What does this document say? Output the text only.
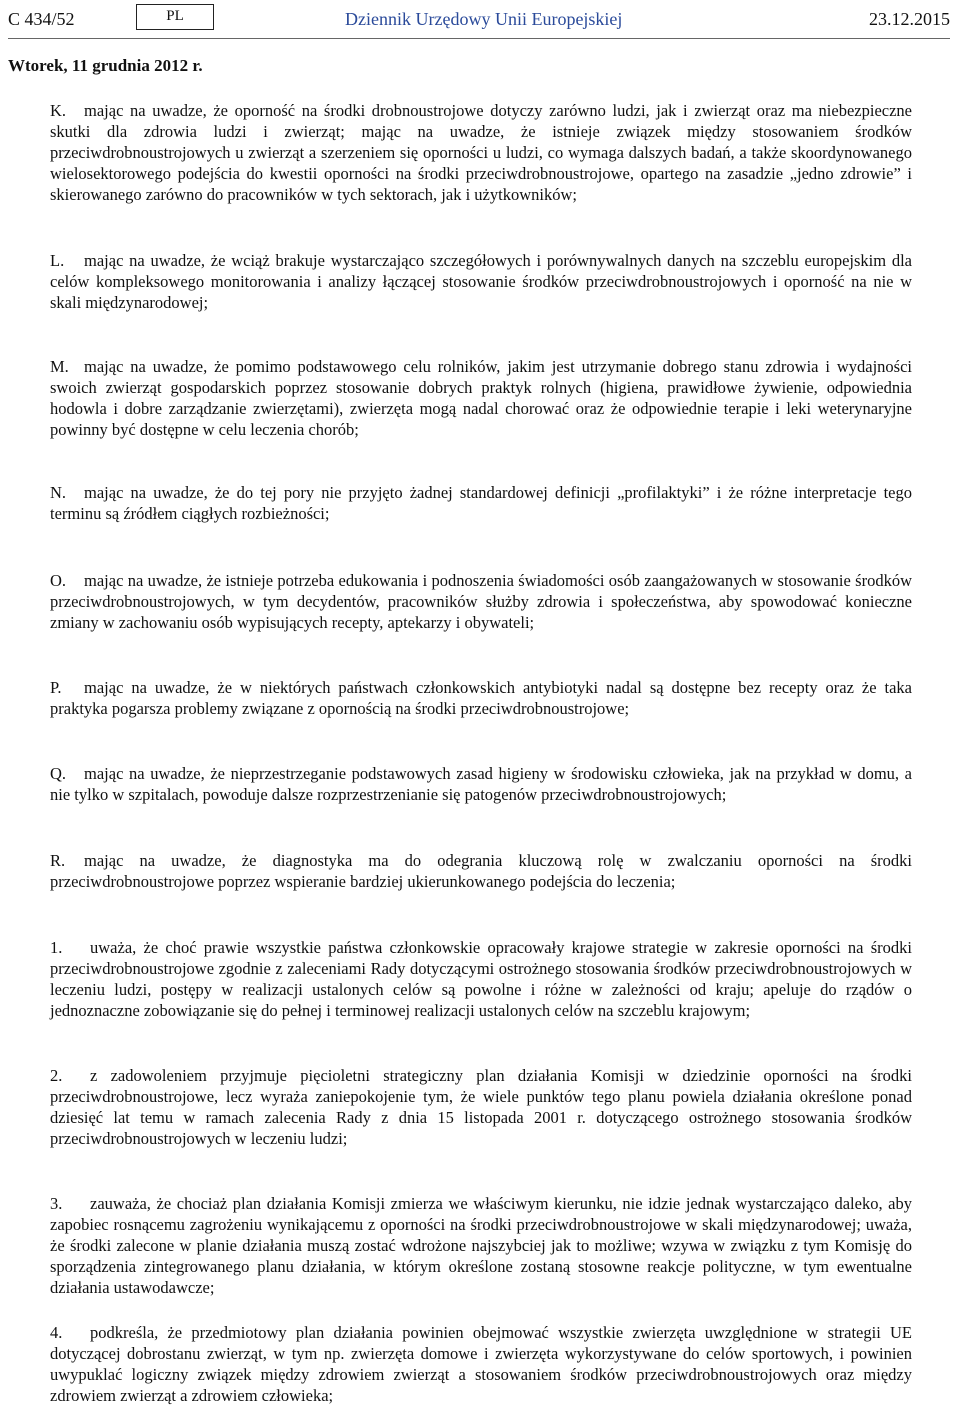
C 434/52	PL	Dziennik Urzędowy Unii Europejskiej	23.12.2015
Wtorek, 11 grudnia 2012 r.
K.	mając na uwadze, że oporność na środki drobnoustrojowe dotyczy zarówno ludzi, jak i zwierząt oraz ma niebezpieczne skutki dla zdrowia ludzi i zwierząt; mając na uwadze, że istnieje związek między stosowaniem środków przeciwdrobnoustrojowych u zwierząt a szerzeniem się oporności u ludzi, co wymaga dalszych badań, a także skoordynowanego wielosektorowego podejścia do kwestii oporności na środki przeciwdrobnoustrojowe, opartego na zasadzie „jedno zdrowie” i skierowanego zarówno do pracowników w tych sektorach, jak i użytkowników;

L.	mając na uwadze, że wciąż brakuje wystarczająco szczegółowych i porównywalnych danych na szczeblu europejskim dla celów kompleksowego monitorowania i analizy łączącej stosowanie środków przeciwdrobnoustrojowych i oporność na nie w skali międzynarodowej;

M. mając na uwadze, że pomimo podstawowego celu rolników, jakim jest utrzymanie dobrego stanu zdrowia i wydajności swoich zwierząt gospodarskich poprzez stosowanie dobrych praktyk rolnych (higiena, prawidłowe żywienie, odpowiednia hodowla i dobre zarządzanie zwierzętami), zwierzęta mogą nadal chorować oraz że odpowiednie terapie i leki weterynaryjne powinny być dostępne w celu leczenia chorób;

N.	mając na uwadze, że do tej pory nie przyjęto żadnej standardowej definicji „profilaktyki” i że różne interpretacje tego terminu są źródłem ciągłych rozbieżności;

O.	mając na uwadze, że istnieje potrzeba edukowania i podnoszenia świadomości osób zaangażowanych w stosowanie środków przeciwdrobnoustrojowych, w tym decydentów, pracowników służby zdrowia i społeczeństwa, aby spowodować konieczne zmiany w zachowaniu osób wypisujących recepty, aptekarzy i obywateli;

P.	mając na uwadze, że w niektórych państwach członkowskich antybiotyki nadal są dostępne bez recepty oraz że taka praktyka pogarsza problemy związane z opornością na środki przeciwdrobnoustrojowe;

Q.	mając na uwadze, że nieprzestrzeganie podstawowych zasad higieny w środowisku człowieka, jak na przykład w domu, a nie tylko w szpitalach, powoduje dalsze rozprzestrzenianie się patogenów przeciwdrobnoustrojowych;

R.	mając na uwadze, że diagnostyka ma do odegrania kluczową rolę w zwalczaniu oporności na środki przeciwdrobnoustrojowe poprzez wspieranie bardziej ukierunkowanego podejścia do leczenia;

1.	uważa, że choć prawie wszystkie państwa członkowskie opracowały krajowe strategie w zakresie oporności na środki przeciwdrobnoustrojowe zgodnie z zaleceniami Rady dotyczącymi ostrożnego stosowania środków przeciwdrobnoustrojowych w leczeniu ludzi, postępy w realizacji ustalonych celów są powolne i różne w zależności od kraju; apeluje do rządów o jednoznaczne zobowiązanie się do pełnej i terminowej realizacji ustalonych celów na szczeblu krajowym;

2.	z zadowoleniem przyjmuje pięcioletni strategiczny plan działania Komisji w dziedzinie oporności na środki przeciwdrobnoustrojowe, lecz wyraża zaniepokojenie tym, że wiele punktów tego planu powiela działania określone ponad dziesięć lat temu w ramach zalecenia Rady z dnia 15 listopada 2001 r. dotyczącego ostrożnego stosowania środków przeciwdrobnoustrojowych w leczeniu ludzi;

3.	zauważa, że chociaż plan działania Komisji zmierza we właściwym kierunku, nie idzie jednak wystarczająco daleko, aby zapobiec rosnącemu zagrożeniu wynikającemu z oporności na środki przeciwdrobnoustrojowe w skali międzynarodowej; uważa, że środki zalecone w planie działania muszą zostać wdrożone najszybciej jak to możliwe; wzywa w związku z tym Komisję do sporządzenia zintegrowanego planu działania, w którym określone zostaną stosowne reakcje polityczne, w tym ewentualne działania ustawodawcze;

4.	podkreśla, że przedmiotowy plan działania powinien obejmować wszystkie zwierzęta uwzględnione w strategii UE dotyczącej dobrostanu zwierząt, w tym np. zwierzęta domowe i zwierzęta wykorzystywane do celów sportowych, i powinien uwypuklać logiczny związek między zdrowiem zwierząt a stosowaniem środków przeciwdrobnoustrojowych oraz między zdrowiem zwierząt a zdrowiem człowieka;
